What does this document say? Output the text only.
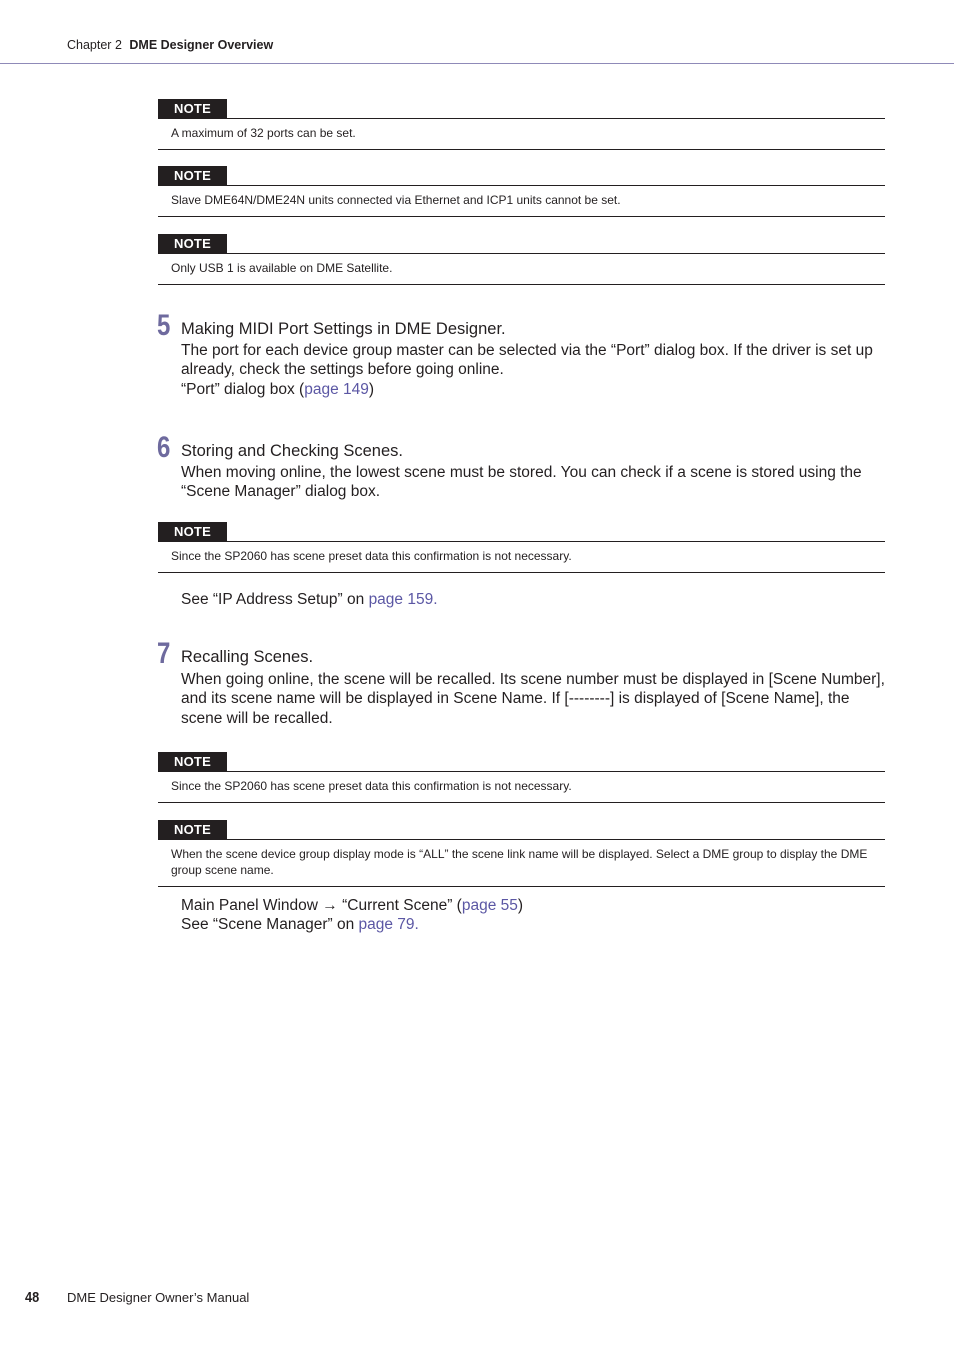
Chapter 2 DME Designer Overview
NOTE
A maximum of 32 ports can be set.
NOTE
Slave DME64N/DME24N units connected via Ethernet and ICP1 units cannot be set.
NOTE
Only USB 1 is available on DME Satellite.
5 Making MIDI Port Settings in DME Designer.
The port for each device group master can be selected via the “Port” dialog box. If the driver is set up already, check the settings before going online.
“Port” dialog box (page 149)
6 Storing and Checking Scenes.
When moving online, the lowest scene must be stored. You can check if a scene is stored using the “Scene Manager” dialog box.
NOTE
Since the SP2060 has scene preset data this confirmation is not necessary.
See “IP Address Setup” on page 159.
7 Recalling Scenes.
When going online, the scene will be recalled. Its scene number must be displayed in [Scene Number], and its scene name will be displayed in Scene Name. If [--------] is displayed of [Scene Name], the scene will be recalled.
NOTE
Since the SP2060 has scene preset data this confirmation is not necessary.
NOTE
When the scene device group display mode is “ALL” the scene link name will be displayed. Select a DME group to display the DME group scene name.
Main Panel Window → “Current Scene” (page 55)
See “Scene Manager” on page 79.
48 DME Designer Owner’s Manual
